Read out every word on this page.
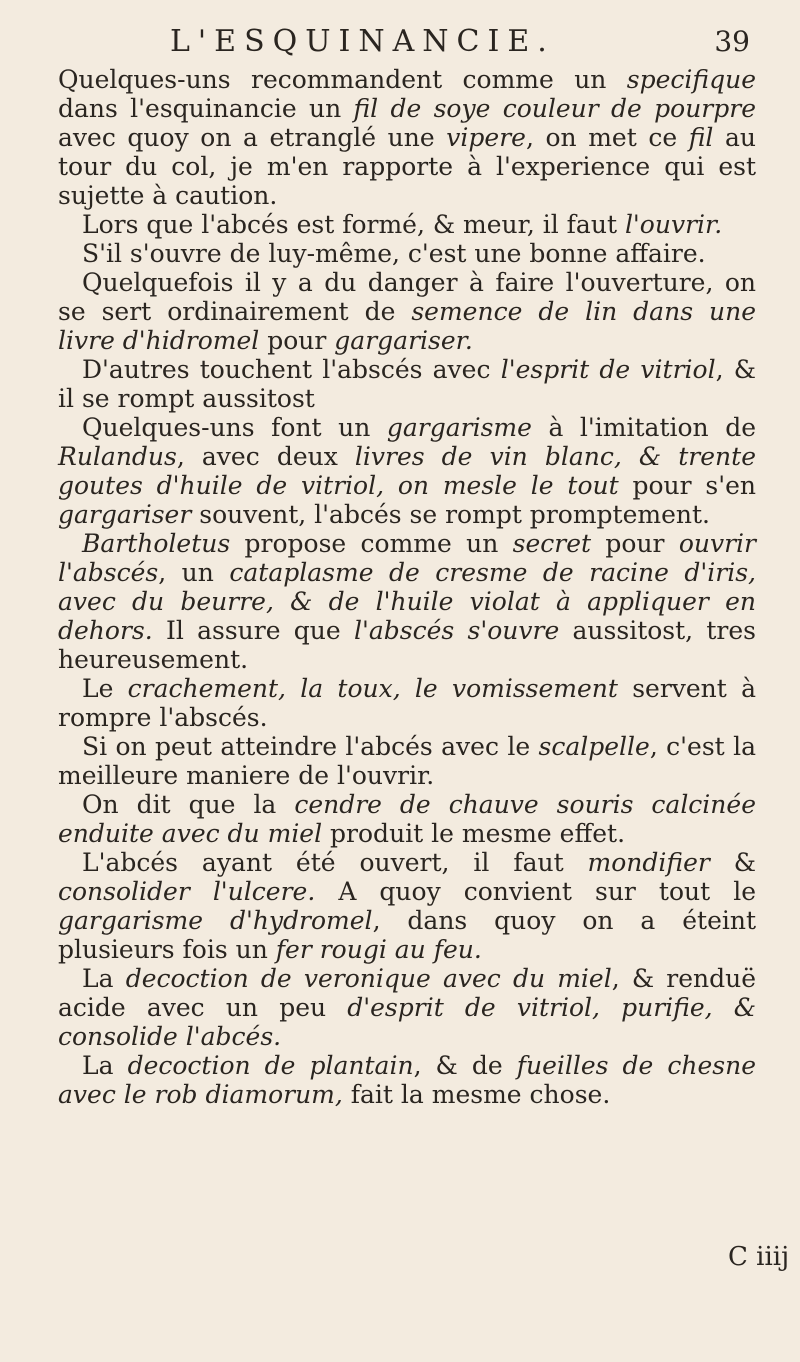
L'ESQUINANCIE.	39

Quelques-uns recommandent comme un specifique dans l'esquinancie un fil de soye couleur de pourpre avec quoy on a etranglé une vipere, on met ce fil au tour du col, je m'en rapporte à l'experience qui est sujette à caution.

Lors que l'abcés est formé, & meur, il faut l'ouvrir.

S'il s'ouvre de luy-même, c'est une bonne affaire.

Quelquefois il y a du danger à faire l'ouverture, on se sert ordinairement de semence de lin dans une livre d'hidromel pour gargariser.

D'autres touchent l'abscés avec l'esprit de vitriol, & il se rompt aussitost

Quelques-uns font un gargarisme à l'imitation de Rulandus, avec deux livres de vin blanc, & trente goutes d'huile de vitriol, on mesle le tout pour s'en gargariser souvent, l'abcés se rompt promptement.

Bartholetus propose comme un secret pour ouvrir l'abscés, un cataplasme de cresme de racine d'iris, avec du beurre, & de l'huile violat à appliquer en dehors. Il assure que l'abscés s'ouvre aussitost, tres heureusement.

Le crachement, la toux, le vomissement servent à rompre l'abscés.

Si on peut atteindre l'abcés avec le scalpelle, c'est la meilleure maniere de l'ouvrir.

On dit que la cendre de chauve souris calcinée enduite avec du miel produit le mesme effet.

L'abcés ayant été ouvert, il faut mondifier & consolider l'ulcere. A quoy convient sur tout le gargarisme d'hydromel, dans quoy on a éteint plusieurs fois un fer rougi au feu.

La decoction de veronique avec du miel, & renduë acide avec un peu d'esprit de vitriol, purifie, & consolide l'abcés.

La decoction de plantain, & de fueilles de chesne avec le rob diamorum, fait la mesme chose.

C iiij
